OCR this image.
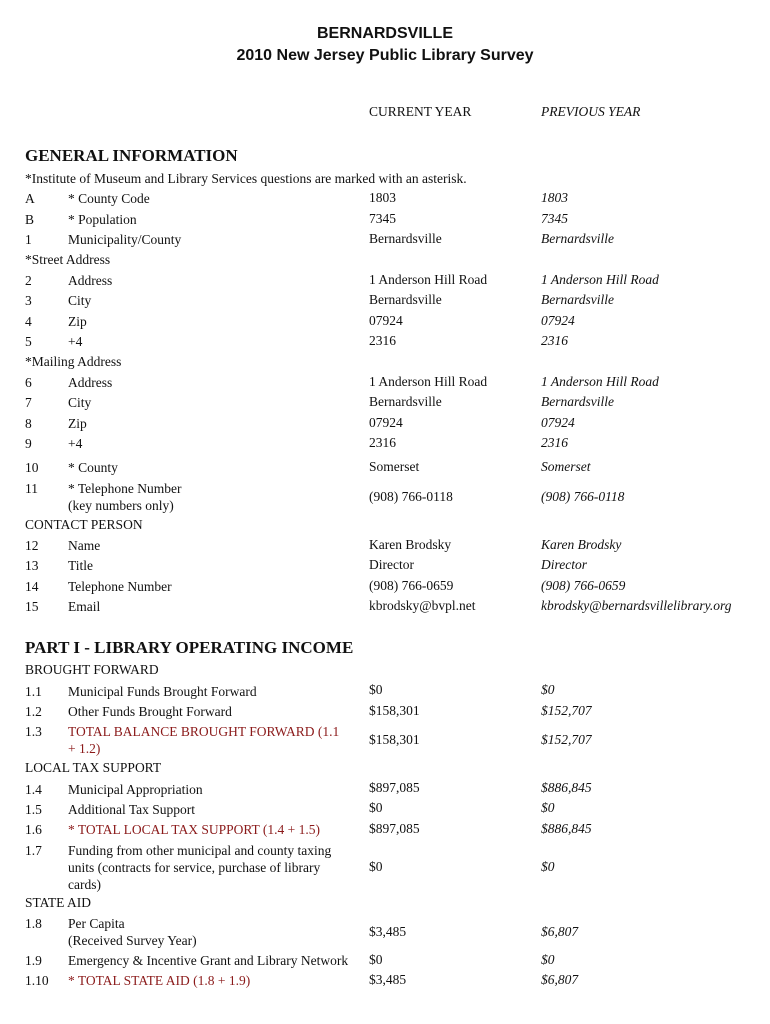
BERNARDSVILLE
2010 New Jersey Public Library Survey
CURRENT YEAR	PREVIOUS YEAR
GENERAL INFORMATION
*Institute of Museum and Library Services questions are marked with an asterisk.
A * County Code	1803	1803
B	* Population	7345	7345
1	Municipality/County	Bernardsville	Bernardsville
*Street Address
2	Address	1 Anderson Hill Road	1 Anderson Hill Road
3	City	Bernardsville	Bernardsville
4	Zip	07924	07924
5	+4	2316	2316
*Mailing Address
6	Address	1 Anderson Hill Road	1 Anderson Hill Road
7	City	Bernardsville	Bernardsville
8	Zip	07924	07924
9	+4	2316	2316
10 * County	Somerset	Somerset
11 * Telephone Number
(key numbers only)
(908) 766-0118	(908) 766-0118
CONTACT PERSON
12 Name	Karen Brodsky	Karen Brodsky
13 Title	Director	Director
14 Telephone Number	(908) 766-0659	(908) 766-0659
15 Email	kbrodsky@bvpl.net	kbrodsky@bernardsvillelibrary.org
PART I - LIBRARY OPERATING INCOME
BROUGHT FORWARD
1.1 Municipal Funds Brought Forward	$0	$0
1.2 Other Funds Brought Forward	$158,301	$152,707
1.3 TOTAL BALANCE BROUGHT FORWARD (1.1
+ 1.2)
$158,301	$152,707
LOCAL TAX SUPPORT
1.4 Municipal Appropriation	$897,085	$886,845
1.5 Additional Tax Support	$0	$0
1.6 * TOTAL LOCAL TAX SUPPORT (1.4 + 1.5)	$897,085	$886,845
1.7 Funding from other municipal and county taxing
units (contracts for service, purchase of library
cards)
$0	$0
STATE AID
1.8 Per Capita
(Received Survey Year)
$3,485	$6,807
1.9 Emergency & Incentive Grant and Library Network	$0	$0
1.10 * TOTAL STATE AID (1.8 + 1.9)	$3,485	$6,807
